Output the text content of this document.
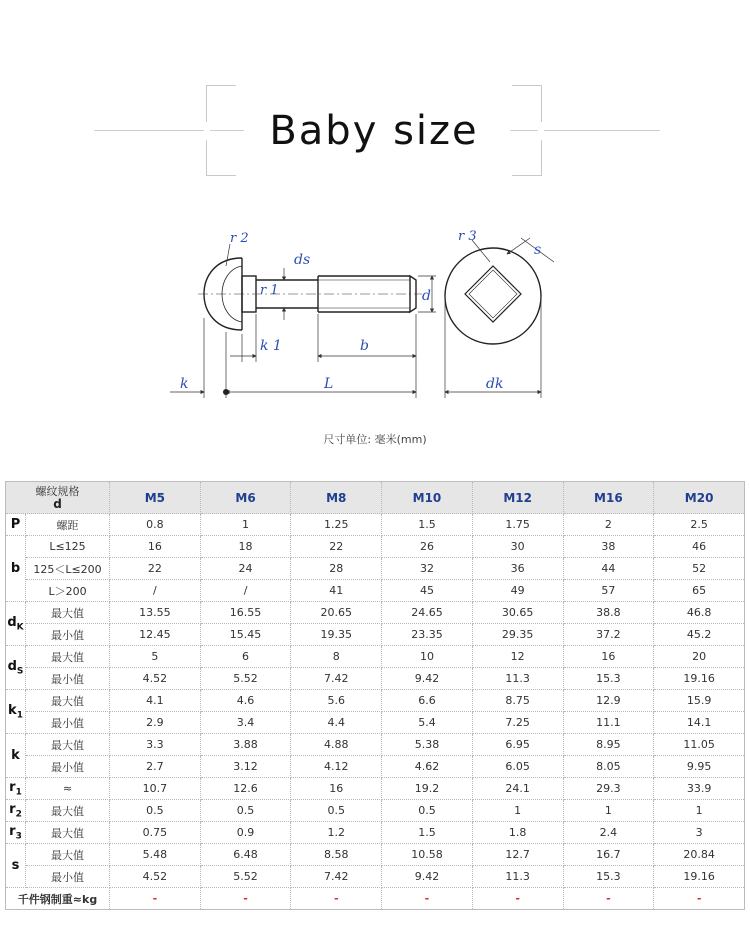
Baby size
r 2
r 1
ds
d
k 1	b
k	L
r 3
s
dk
尺寸单位: 毫米(mm)
螺纹规格
d		M5	M6	M8	M10	M12	M16	M20
P	螺距	0.8	1	1.25	1.5	1.75	2	2.5
b	L≤125	16	18	22	26	30	38	46
	125＜L≤200	22	24	28	32	36	44	52
	L＞200	/	/	41	45	49	57	65
$d_K$	最大值	13.55	16.55	20.65	24.65	30.65	38.8	46.8
	最小值	12.45	15.45	19.35	23.35	29.35	37.2	45.2
$d_S$	最大值	5	6	8	10	12	16	20
	最小值	4.52	5.52	7.42	9.42	11.3	15.3	19.16
$k_1$	最大值	4.1	4.6	5.6	6.6	8.75	12.9	15.9
	最小值	2.9	3.4	4.4	5.4	7.25	11.1	14.1
k	最大值	3.3	3.88	4.88	5.38	6.95	8.95	11.05
	最小值	2.7	3.12	4.12	4.62	6.05	8.05	9.95
$r_1$	≈	10.7	12.6	16	19.2	24.1	29.3	33.9
$r_2$	最大值	0.5	0.5	0.5	0.5	1	1	1
$r_3$	最大值	0.75	0.9	1.2	1.5	1.8	2.4	3
s	最大值	5.48	6.48	8.58	10.58	12.7	16.7	20.84
	最小值	4.52	5.52	7.42	9.42	11.3	15.3	19.16
千件钢制重≈kg		-	-	-	-	-	-	-
